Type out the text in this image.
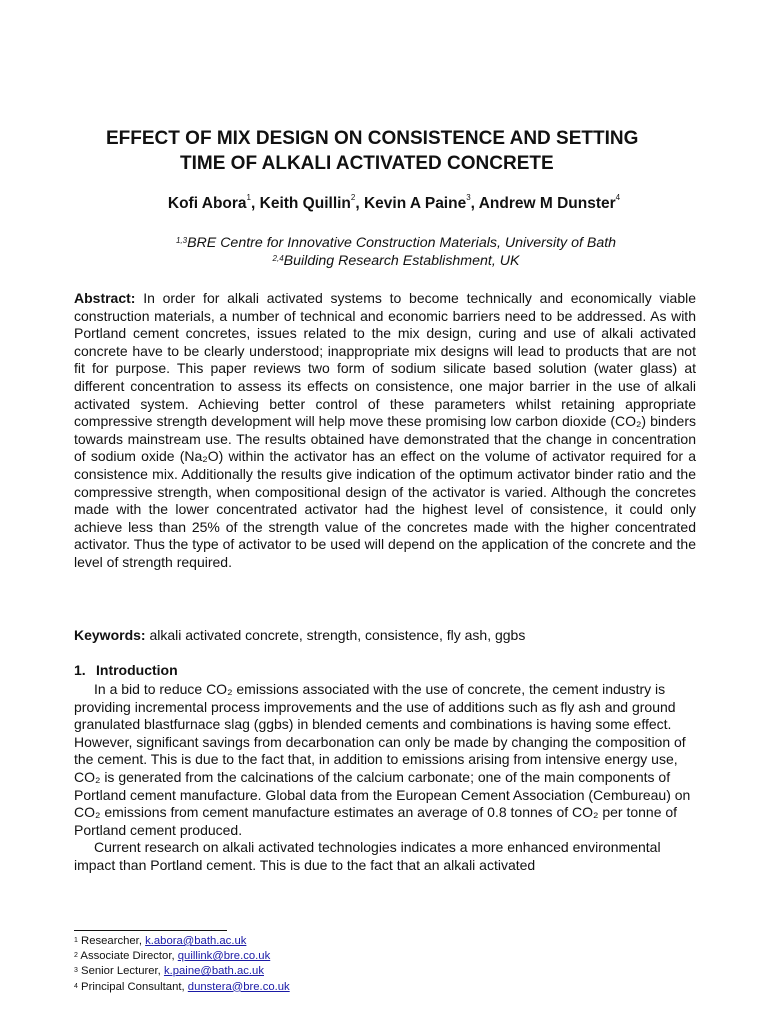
EFFECT OF MIX DESIGN ON CONSISTENCE AND SETTING
TIME OF ALKALI ACTIVATED CONCRETE
Kofi Abora$^1$, Keith Quillin$^2$, Kevin A Paine$^3$, Andrew M Dunster$^4$
$^{1,3}$BRE Centre for Innovative Construction Materials, University of Bath
$^{2,4}$Building Research Establishment, UK

Abstract: In order for alkali activated systems to become technically and economically viable construction materials, a number of technical and economic barriers need to be addressed. As with Portland cement concretes, issues related to the mix design, curing and use of alkali activated concrete have to be clearly understood; inappropriate mix designs will lead to products that are not fit for purpose. This paper reviews two form of sodium silicate based solution (water glass) at different concentration to assess its effects on consistence, one major barrier in the use of alkali activated system. Achieving better control of these parameters whilst retaining appropriate compressive strength development will help move these promising low carbon dioxide (CO₂) binders towards mainstream use. The results obtained have demonstrated that the change in concentration of sodium oxide (Na₂O) within the activator has an effect on the volume of activator required for a consistence mix. Additionally the results give indication of the optimum activator binder ratio and the compressive strength, when compositional design of the activator is varied. Although the concretes made with the lower concentrated activator had the highest level of consistence, it could only achieve less than 25% of the strength value of the concretes made with the higher concentrated activator. Thus the type of activator to be used will depend on the application of the concrete and the level of strength required.

Keywords: alkali activated concrete, strength, consistence, fly ash, ggbs

1. Introduction

In a bid to reduce CO₂ emissions associated with the use of concrete, the cement industry is providing incremental process improvements and the use of additions such as fly ash and ground granulated blastfurnace slag (ggbs) in blended cements and combinations is having some effect. However, significant savings from decarbonation can only be made by changing the composition of the cement. This is due to the fact that, in addition to emissions arising from intensive energy use, CO₂ is generated from the calcinations of the calcium carbonate; one of the main components of Portland cement manufacture. Global data from the European Cement Association (Cembureau) on CO₂ emissions from cement manufacture estimates an average of 0.8 tonnes of CO₂ per tonne of Portland cement produced.

Current research on alkali activated technologies indicates a more enhanced environmental impact than Portland cement. This is due to the fact that an alkali activated

$^1$ Researcher, k.abora@bath.ac.uk
$^2$ Associate Director, quillink@bre.co.uk
$^3$ Senior Lecturer, k.paine@bath.ac.uk
$^4$ Principal Consultant, dunstera@bre.co.uk
